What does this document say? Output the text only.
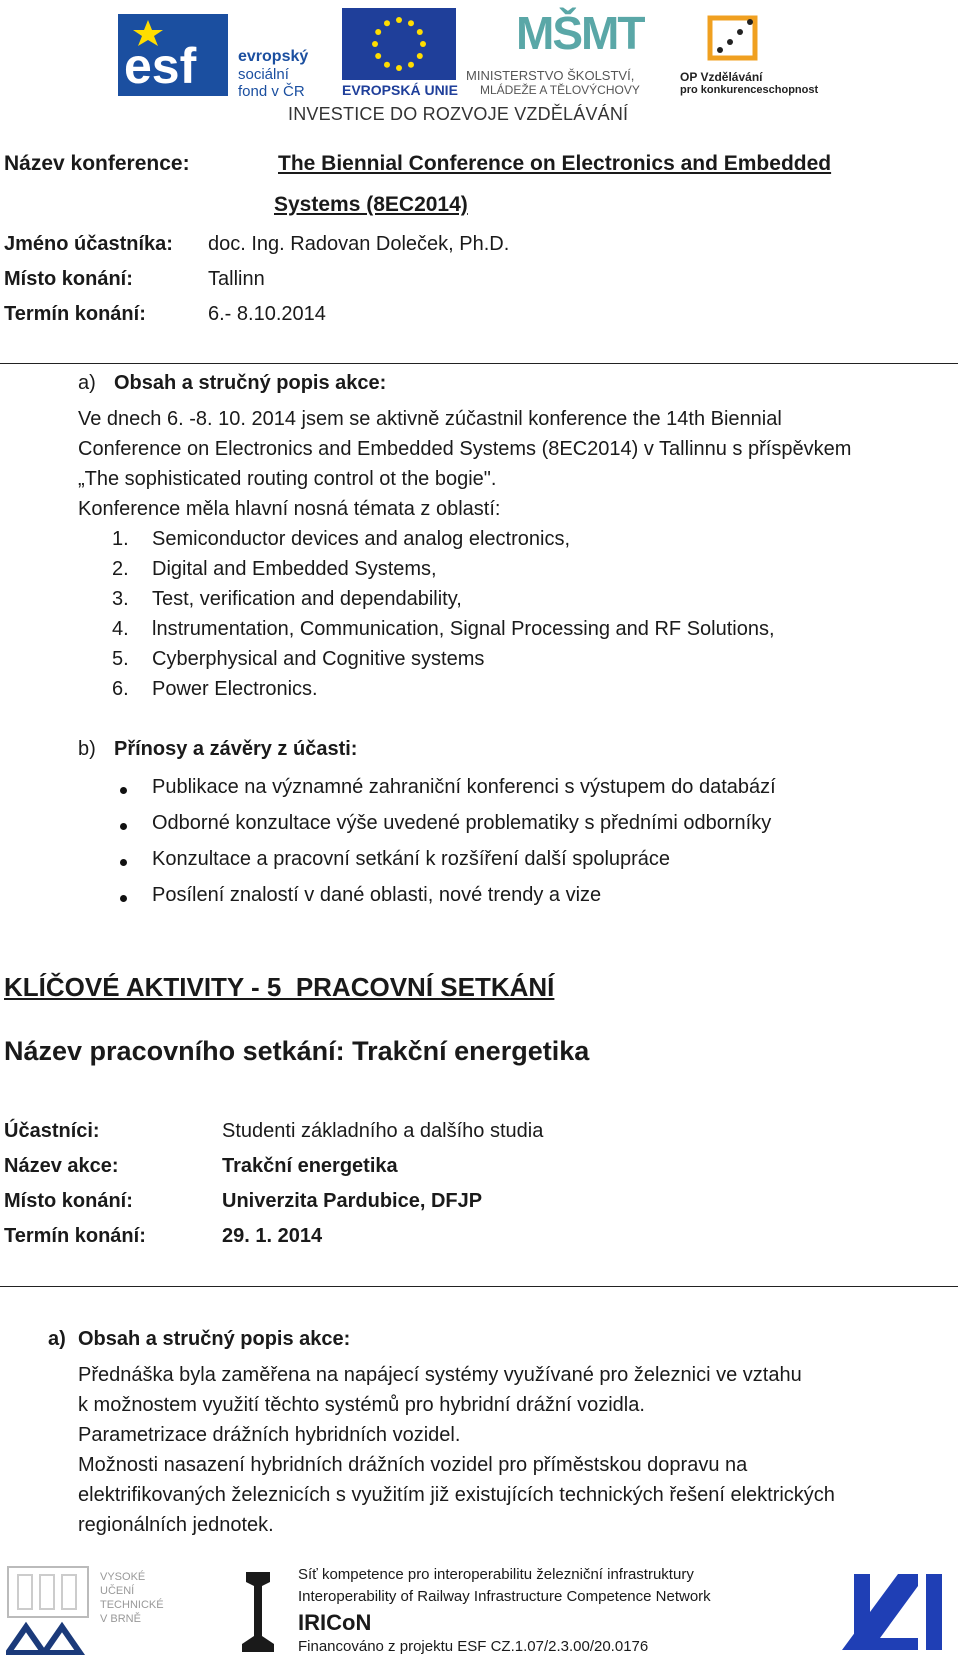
esf	evropský
sociální
fond v ČR	EVROPSKÁ UNIE
MŠMT
MINISTERSTVO ŠKOLSTVÍ,
MLÁDEŽE A TĚLOVÝCHOVY
OP Vzdělávání
pro konkurenceschopnost
INVESTICE DO ROZVOJE VZDĚLÁVÁNÍ
Název konference:	The Biennial Conference on Electronics and Embedded
Systems (8EC2014)
Jméno účastníka: doc. Ing. Radovan Doleček, Ph.D.
Místo konání:	Tallinn
Termín konání:	6.- 8.10.2014
a) Obsah a stručný popis akce:
Ve dnech 6. -8. 10. 2014 jsem se aktivně zúčastnil konference the 14th Biennial
Conference on Electronics and Embedded Systems (8EC2014) v Tallinnu s příspěvkem
„The sophisticated routing control ot the bogie".
Konference měla hlavní nosná témata z oblastí:
1. Semiconductor devices and analog electronics,
2. Digital and Embedded Systems,
3. Test, verification and dependability,
4. lnstrumentation, Communication, Signal Processing and RF Solutions,
5. Cyberphysical and Cognitive systems
6. Power Electronics.
b) Přínosy a závěry z účasti:
Publikace na významné zahraniční konferenci s výstupem do databází
Odborné konzultace výše uvedené problematiky s předními odborníky
Konzultace a pracovní setkání k rozšíření další spolupráce
Posílení znalostí v dané oblasti, nové trendy a vize
KLÍČOVÉ AKTIVITY - 5  PRACOVNÍ SETKÁNÍ
Název pracovního setkání: Trakční energetika
Účastníci:	Studenti základního a dalšího studia
Název akce:	Trakční energetika
Místo konání:	Univerzita Pardubice, DFJP
Termín konání:	29. 1. 2014
a) Obsah a stručný popis akce:
Přednáška byla zaměřena na napájecí systémy využívané pro železnici ve vztahu
k možnostem využití těchto systémů pro hybridní drážní vozidla.
Parametrizace drážních hybridních vozidel.
Možnosti nasazení hybridních drážních vozidel pro příměstskou dopravu na
elektrifikovaných železnicích s využitím již existujících technických řešení elektrických
regionálních jednotek.
VYSOKÉ
UČENÍ
TECHNICKÉ
V BRNĚ
Síť kompetence pro interoperabilitu železniční infrastruktury
Interoperability of Railway Infrastructure Competence Network
IRICoN
Financováno z projektu ESF CZ.1.07/2.3.00/20.0176
